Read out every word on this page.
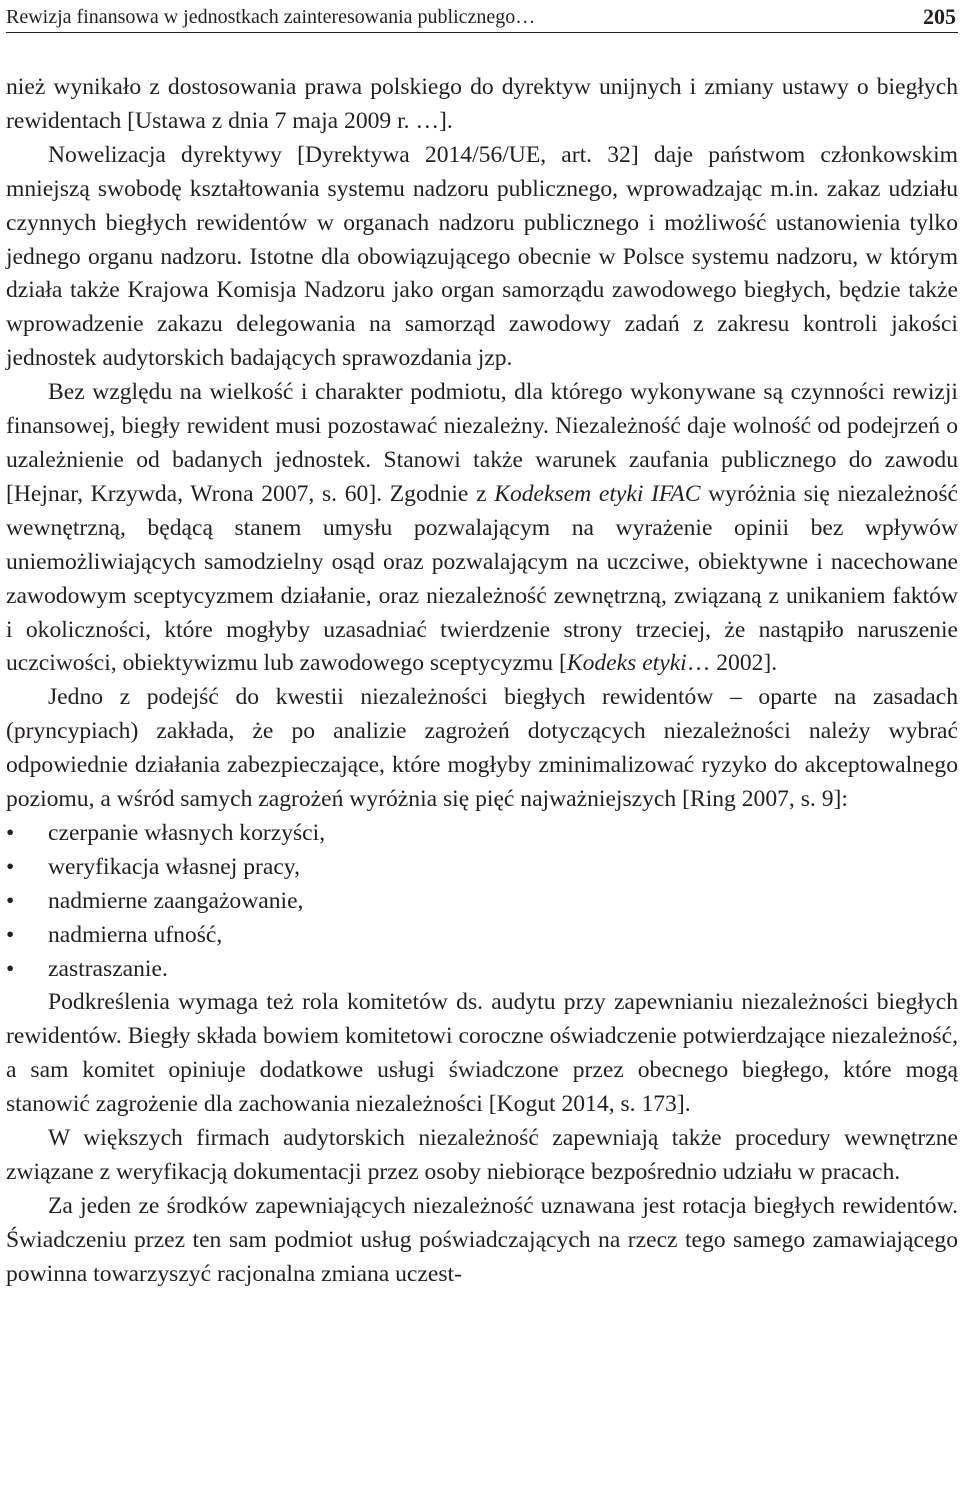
Rewizja finansowa w jednostkach zainteresowania publicznego…	205

nież wynikało z dostosowania prawa polskiego do dyrektyw unijnych i zmiany ustawy o biegłych rewidentach [Ustawa z dnia 7 maja 2009 r. …].

Nowelizacja dyrektywy [Dyrektywa 2014/56/UE, art. 32] daje państwom członkowskim mniejszą swobodę kształtowania systemu nadzoru publicznego, wprowadzając m.in. zakaz udziału czynnych biegłych rewidentów w organach nadzoru publicznego i możliwość ustanowienia tylko jednego organu nadzoru. Istotne dla obowiązującego obecnie w Polsce systemu nadzoru, w którym działa także Krajowa Komisja Nadzoru jako organ samorządu zawodowego biegłych, będzie także wprowadzenie zakazu delegowania na samorząd zawodowy zadań z zakresu kontroli jakości jednostek audytorskich badających sprawozdania jzp.

Bez względu na wielkość i charakter podmiotu, dla którego wykonywane są czynności rewizji finansowej, biegły rewident musi pozostawać niezależny. Niezależność daje wolność od podejrzeń o uzależnienie od badanych jednostek. Stanowi także warunek zaufania publicznego do zawodu [Hejnar, Krzywda, Wrona 2007, s. 60]. Zgodnie z Kodeksem etyki IFAC wyróżnia się niezależność wewnętrzną, będącą stanem umysłu pozwalającym na wyrażenie opinii bez wpływów uniemożliwiających samodzielny osąd oraz pozwalającym na uczciwe, obiektywne i nacechowane zawodowym sceptycyzmem działanie, oraz niezależność zewnętrzną, związaną z unikaniem faktów i okoliczności, które mogłyby uzasadniać twierdzenie strony trzeciej, że nastąpiło naruszenie uczciwości, obiektywizmu lub zawodowego sceptycyzmu [Kodeks etyki… 2002].

Jedno z podejść do kwestii niezależności biegłych rewidentów – oparte na zasadach (pryncypiach) zakłada, że po analizie zagrożeń dotyczących niezależności należy wybrać odpowiednie działania zabezpieczające, które mogłyby zminimalizować ryzyko do akceptowalnego poziomu, a wśród samych zagrożeń wyróżnia się pięć najważniejszych [Ring 2007, s. 9]:

•	czerpanie własnych korzyści,
•	weryfikacja własnej pracy,
•	nadmierne zaangażowanie,
•	nadmierna ufność,
•	zastraszanie.

Podkreślenia wymaga też rola komitetów ds. audytu przy zapewnianiu niezależności biegłych rewidentów. Biegły składa bowiem komitetowi coroczne oświadczenie potwierdzające niezależność, a sam komitet opiniuje dodatkowe usługi świadczone przez obecnego biegłego, które mogą stanowić zagrożenie dla zachowania niezależności [Kogut 2014, s. 173].

W większych firmach audytorskich niezależność zapewniają także procedury wewnętrzne związane z weryfikacją dokumentacji przez osoby niebiorące bezpośrednio udziału w pracach.

Za jeden ze środków zapewniających niezależność uznawana jest rotacja biegłych rewidentów. Świadczeniu przez ten sam podmiot usług poświadczających na rzecz tego samego zamawiającego powinna towarzyszyć racjonalna zmiana uczest-
